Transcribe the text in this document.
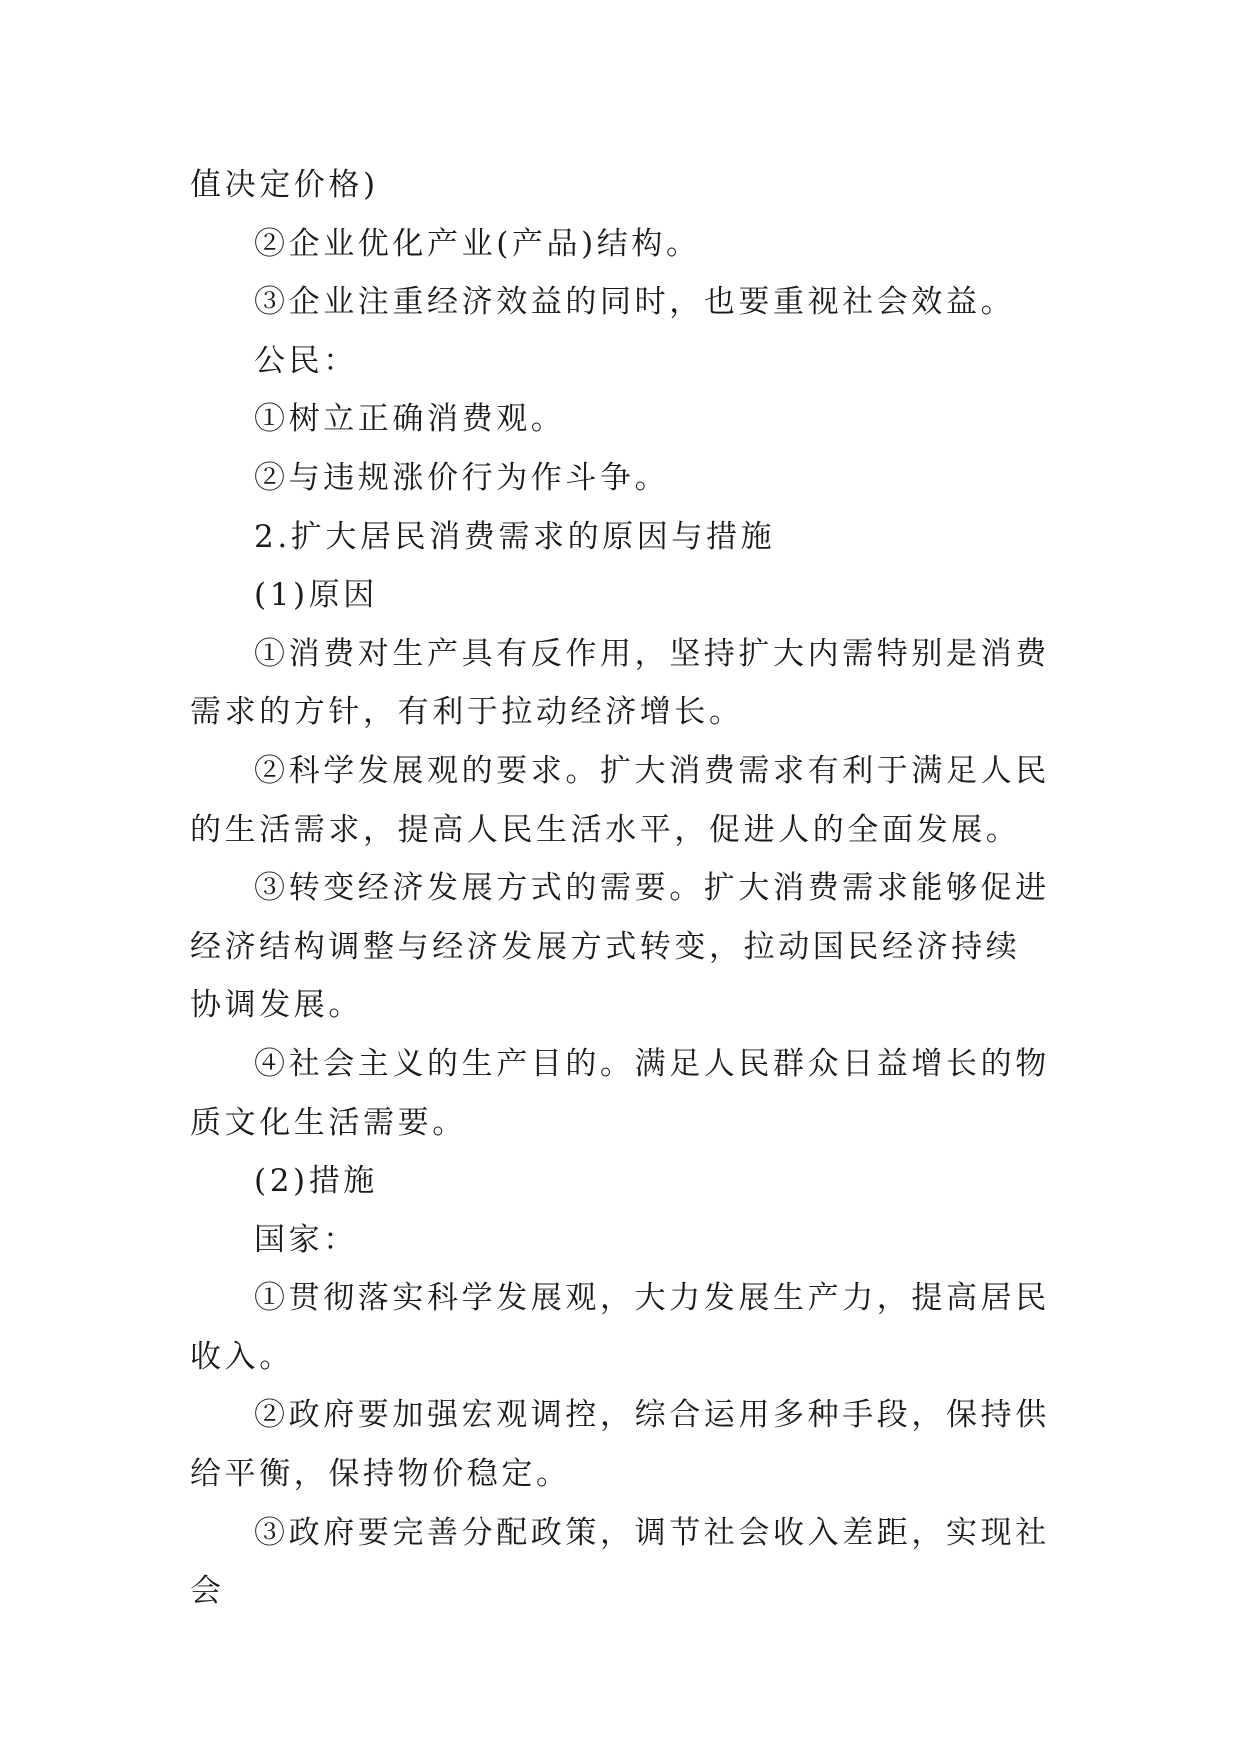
值决定价格)

②企业优化产业(产品)结构。

③企业注重经济效益的同时，也要重视社会效益。

公民：

①树立正确消费观。

②与违规涨价行为作斗争。

2.扩大居民消费需求的原因与措施

(1)原因

①消费对生产具有反作用，坚持扩大内需特别是消费需求的方针，有利于拉动经济增长。

②科学发展观的要求。扩大消费需求有利于满足人民的生活需求，提高人民生活水平，促进人的全面发展。

③转变经济发展方式的需要。扩大消费需求能够促进经济结构调整与经济发展方式转变，拉动国民经济持续协调发展。

④社会主义的生产目的。满足人民群众日益增长的物质文化生活需要。

(2)措施

国家：

①贯彻落实科学发展观，大力发展生产力，提高居民收入。

②政府要加强宏观调控，综合运用多种手段，保持供给平衡，保持物价稳定。

③政府要完善分配政策，调节社会收入差距，实现社会
